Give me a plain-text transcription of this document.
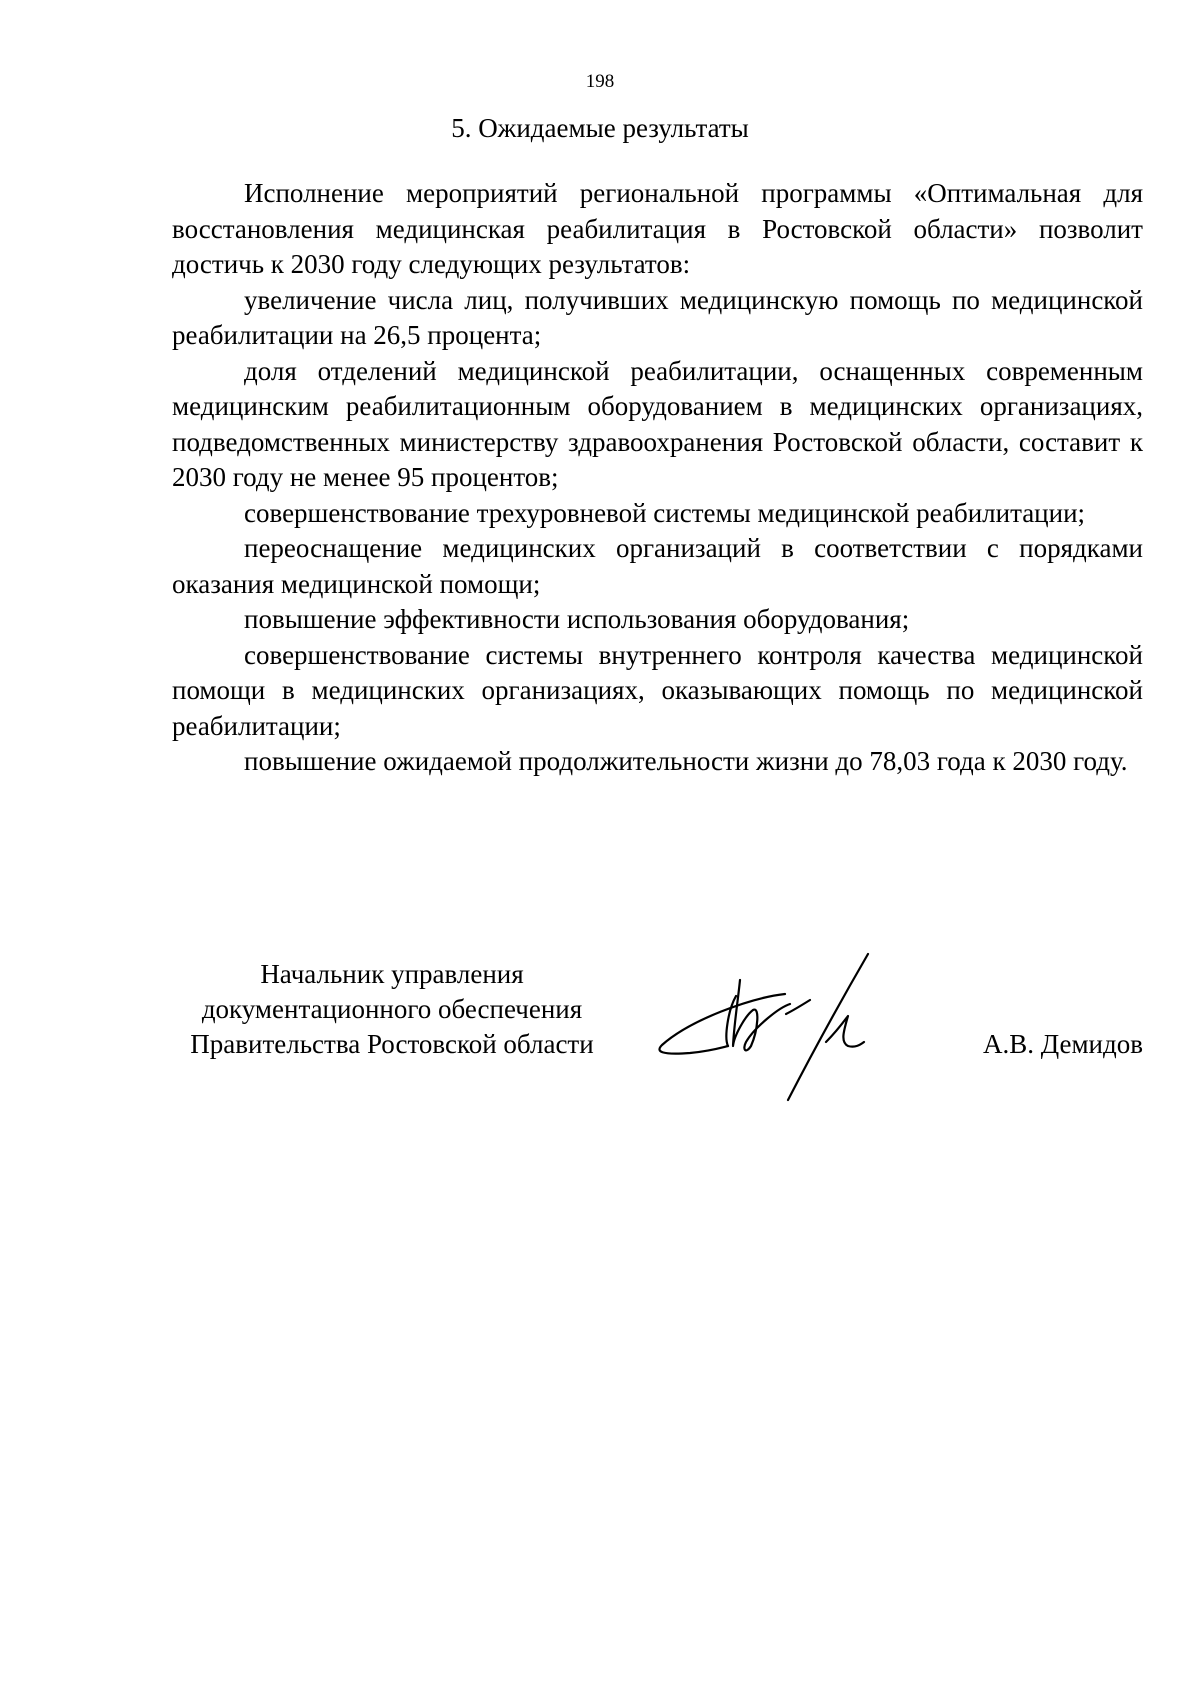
198
5. Ожидаемые результаты

Исполнение мероприятий региональной программы «Оптимальная для восстановления медицинская реабилитация в Ростовской области» позволит достичь к 2030 году следующих результатов:

увеличение числа лиц, получивших медицинскую помощь по медицинской реабилитации на 26,5 процента;

доля отделений медицинской реабилитации, оснащенных современным медицинским реабилитационным оборудованием в медицинских организациях, подведомственных министерству здравоохранения Ростовской области, составит к 2030 году не менее 95 процентов;

совершенствование трехуровневой системы медицинской реабилитации;

переоснащение медицинских организаций в соответствии с порядками оказания медицинской помощи;

повышение эффективности использования оборудования;

совершенствование системы внутреннего контроля качества медицинской помощи в медицинских организациях, оказывающих помощь по медицинской реабилитации;

повышение ожидаемой продолжительности жизни до 78,03 года к 2030 году.

Начальник управления
документационного обеспечения
Правительства Ростовской области	А.В. Демидов
